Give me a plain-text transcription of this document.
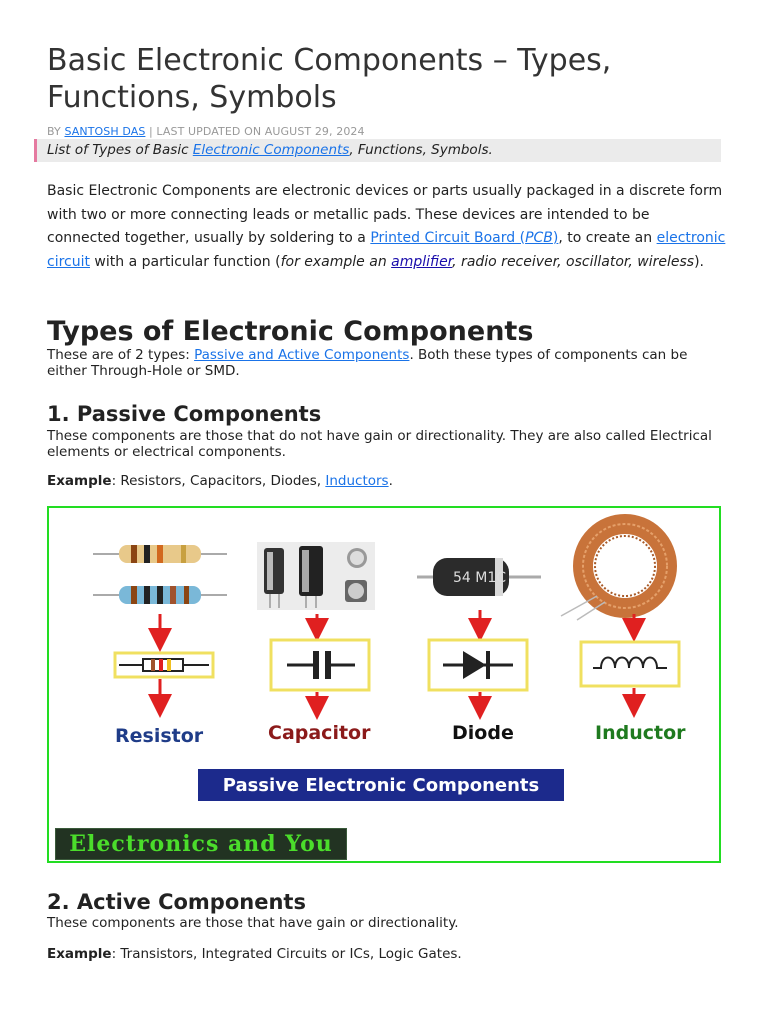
Basic Electronic Components – Types, Functions, Symbols
BY SANTOSH DAS | LAST UPDATED ON AUGUST 29, 2024
List of Types of Basic Electronic Components, Functions, Symbols.

Basic Electronic Components are electronic devices or parts usually packaged in a discrete form with two or more connecting leads or metallic pads. These devices are intended to be connected together, usually by soldering to a Printed Circuit Board (PCB), to create an electronic circuit with a particular function (for example an amplifier, radio receiver, oscillator, wireless).

Types of Electronic Components

These are of 2 types: Passive and Active Components. Both these types of components can be either Through-Hole or SMD.

1. Passive Components

These components are those that do not have gain or directionality. They are also called Electrical elements or electrical components.

Example: Resistors, Capacitors, Diodes, Inductors.

54 M1C
Resistor	Capacitor	Diode	Inductor
Passive Electronic Components
Electronics and You
2. Active Components

These components are those that have gain or directionality.

Example: Transistors, Integrated Circuits or ICs, Logic Gates.
